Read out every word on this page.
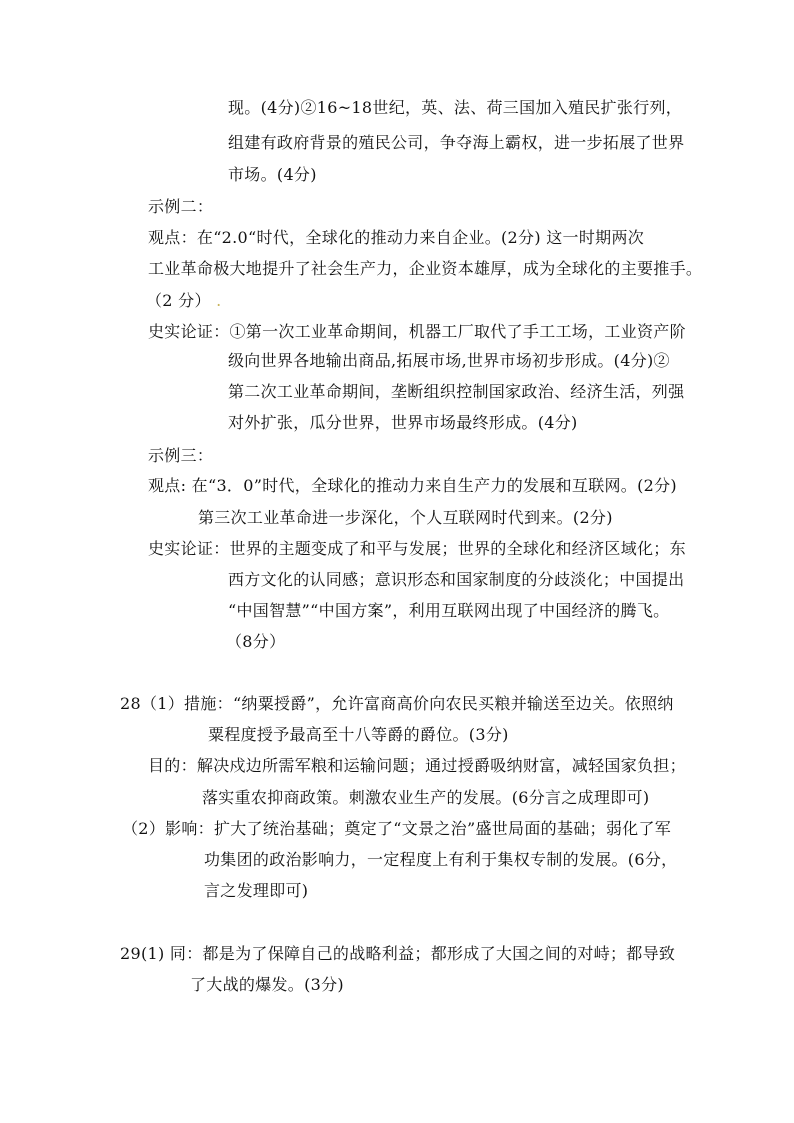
现。(4分)②16~18世纪，英、法、荷三国加入殖民扩张行列，
组建有政府背景的殖民公司，争夺海上霸权，进一步拓展了世界
市场。(4分)
示例二：
观点：在“2.0“时代，全球化的推动力来自企业。(2分) 这一时期两次
工业革命极大地提升了社会生产力，企业资本雄厚，成为全球化的主要推手。
（2 分） .
史实论证：①第一次工业革命期间，机器工厂取代了手工工场，工业资产阶
级向世界各地输出商品,拓展市场,世界市场初步形成。(4分)②
第二次工业革命期间，垄断组织控制国家政治、经济生活，列强
对外扩张，瓜分世界，世界市场最终形成。(4分)
示例三：
观点: 在“3．0”时代，全球化的推动力来自生产力的发展和互联网。(2分)
第三次工业革命进一步深化，个人互联网时代到来。(2分)
史实论证：世界的主题变成了和平与发展；世界的全球化和经济区域化；东
西方文化的认同感；意识形态和国家制度的分歧淡化；中国提出
“中国智慧”“中国方案”，利用互联网出现了中国经济的腾飞。
（8分）
28（1）措施：“纳粟授爵”，允许富商高价向农民买粮并输送至边关。依照纳
粟程度授予最高至十八等爵的爵位。(3分)
目的：解决戍边所需军粮和运输问题；通过授爵吸纳财富，减轻国家负担；
落实重农抑商政策。刺激农业生产的发展。(6分言之成理即可)
（2）影响：扩大了统治基础；奠定了“文景之治”盛世局面的基础；弱化了军
功集团的政治影响力，一定程度上有利于集权专制的发展。(6分，
言之发理即可)
29(1) 同：都是为了保障自己的战略利益；都形成了大国之间的对峙；都导致
了大战的爆发。(3分)
